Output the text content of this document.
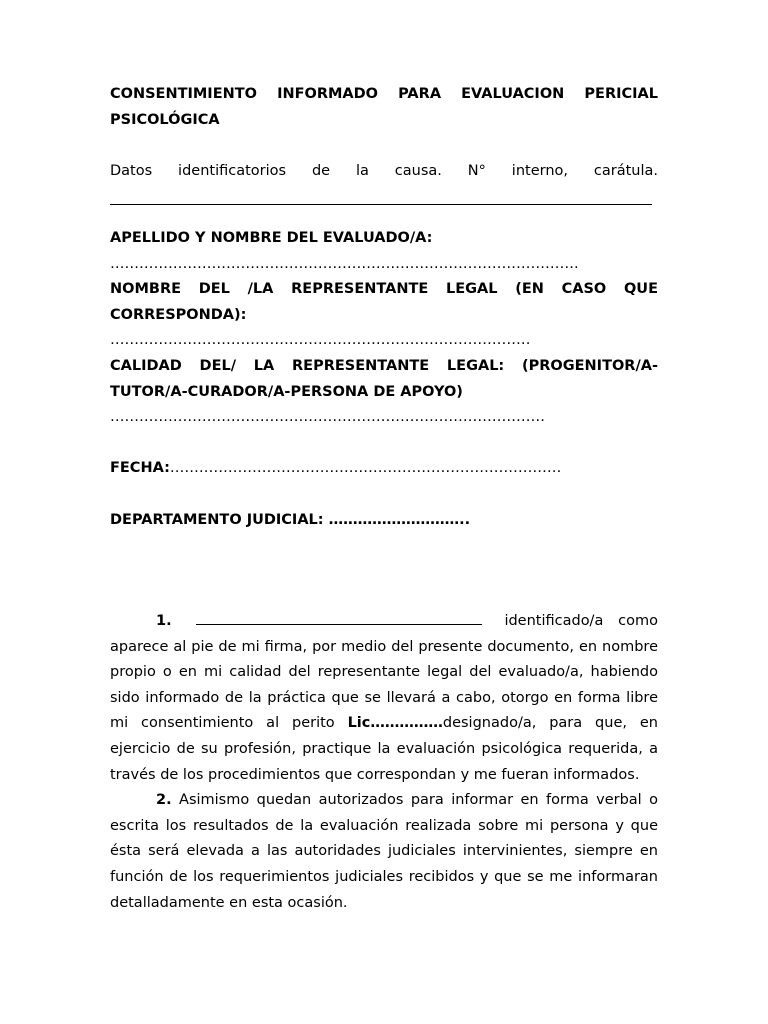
CONSENTIMIENTO INFORMADO PARA EVALUACION PERICIAL PSICOLÓGICA
Datos identificatorios de la causa. N° interno, carátula.
APELLIDO Y NOMBRE DEL EVALUADO/A:
…………………………………………………………………………………….
NOMBRE DEL /LA REPRESENTANTE LEGAL (EN CASO QUE CORRESPONDA):
……………………………………………………………………………
CALIDAD DEL/ LA REPRESENTANTE LEGAL: (PROGENITOR/A-TUTOR/A-CURADOR/A-PERSONA DE APOYO)
………………………………………………………………………………
FECHA:………………………………………………………………………
DEPARTAMENTO JUDICIAL: ………………………..
1.	identificado/a como aparece al pie de mi firma, por medio del presente documento, en nombre propio o en mi calidad del representante legal del evaluado/a, habiendo sido informado de la práctica que se llevará a cabo, otorgo en forma libre mi consentimiento al perito Lic……………designado/a, para que, en ejercicio de su profesión, practique la evaluación psicológica requerida, a través de los procedimientos que correspondan y me fueran informados.
2. Asimismo quedan autorizados para informar en forma verbal o escrita los resultados de la evaluación realizada sobre mi persona y que ésta será elevada a las autoridades judiciales intervinientes, siempre en función de los requerimientos judiciales recibidos y que se me informaran detalladamente en esta ocasión.
